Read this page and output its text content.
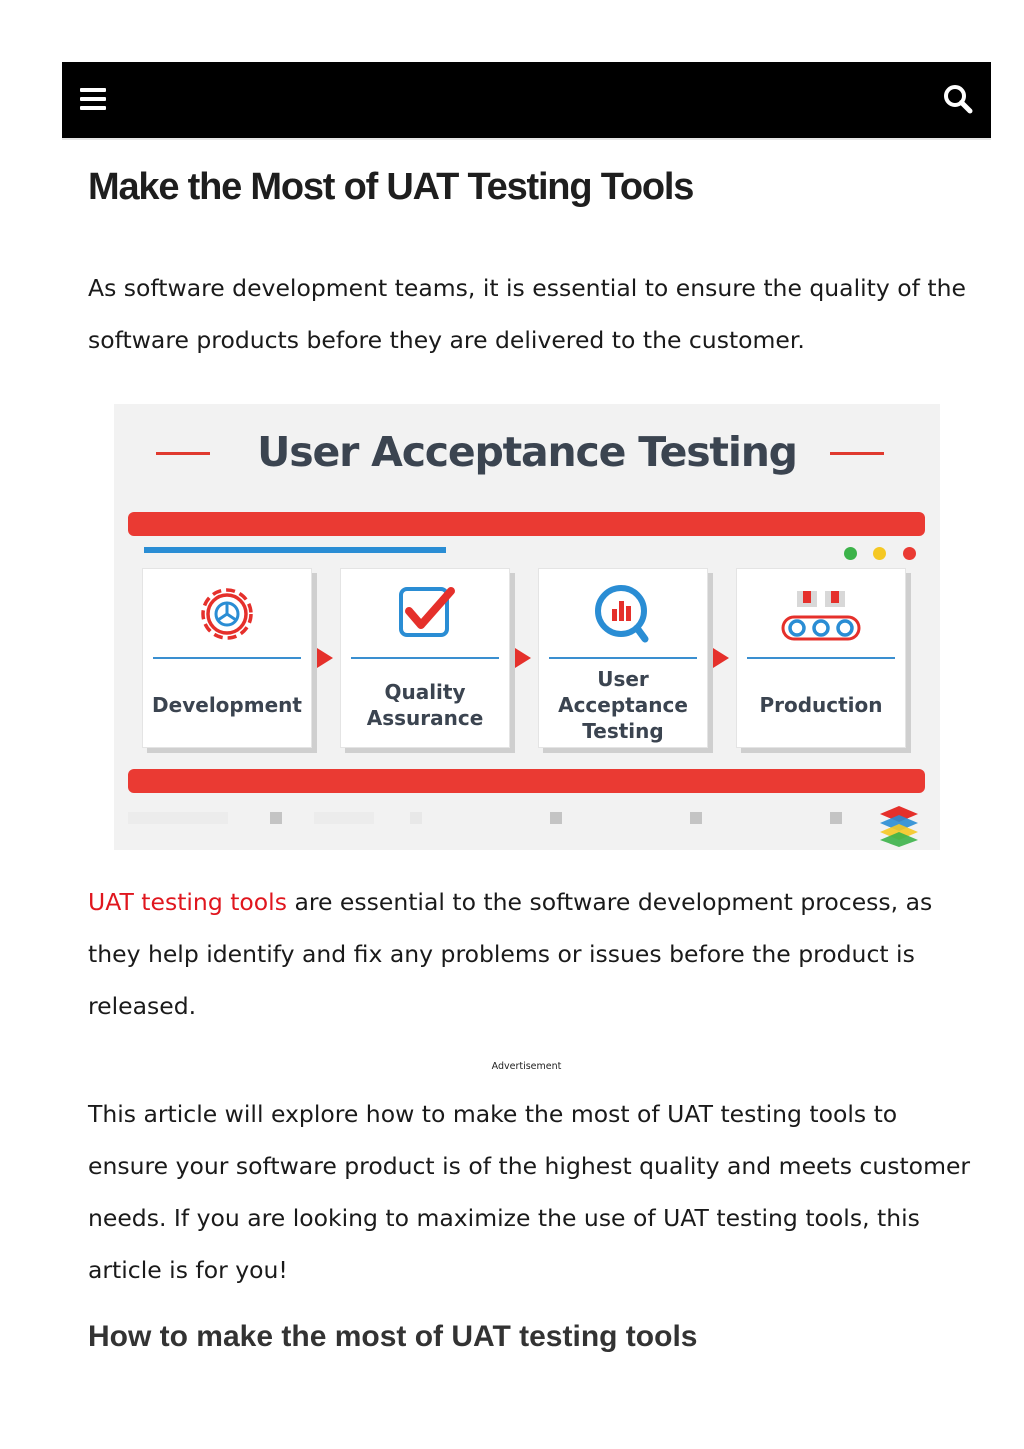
Make the Most of UAT Testing Tools

As software development teams, it is essential to ensure the quality of the software products before they are delivered to the customer.

User Acceptance Testing
Development
Quality Assurance
User Acceptance Testing
Production

UAT testing tools are essential to the software development process, as they help identify and fix any problems or issues before the product is released.

Advertisement

This article will explore how to make the most of UAT testing tools to ensure your software product is of the highest quality and meets customer needs. If you are looking to maximize the use of UAT testing tools, this article is for you!

How to make the most of UAT testing tools
